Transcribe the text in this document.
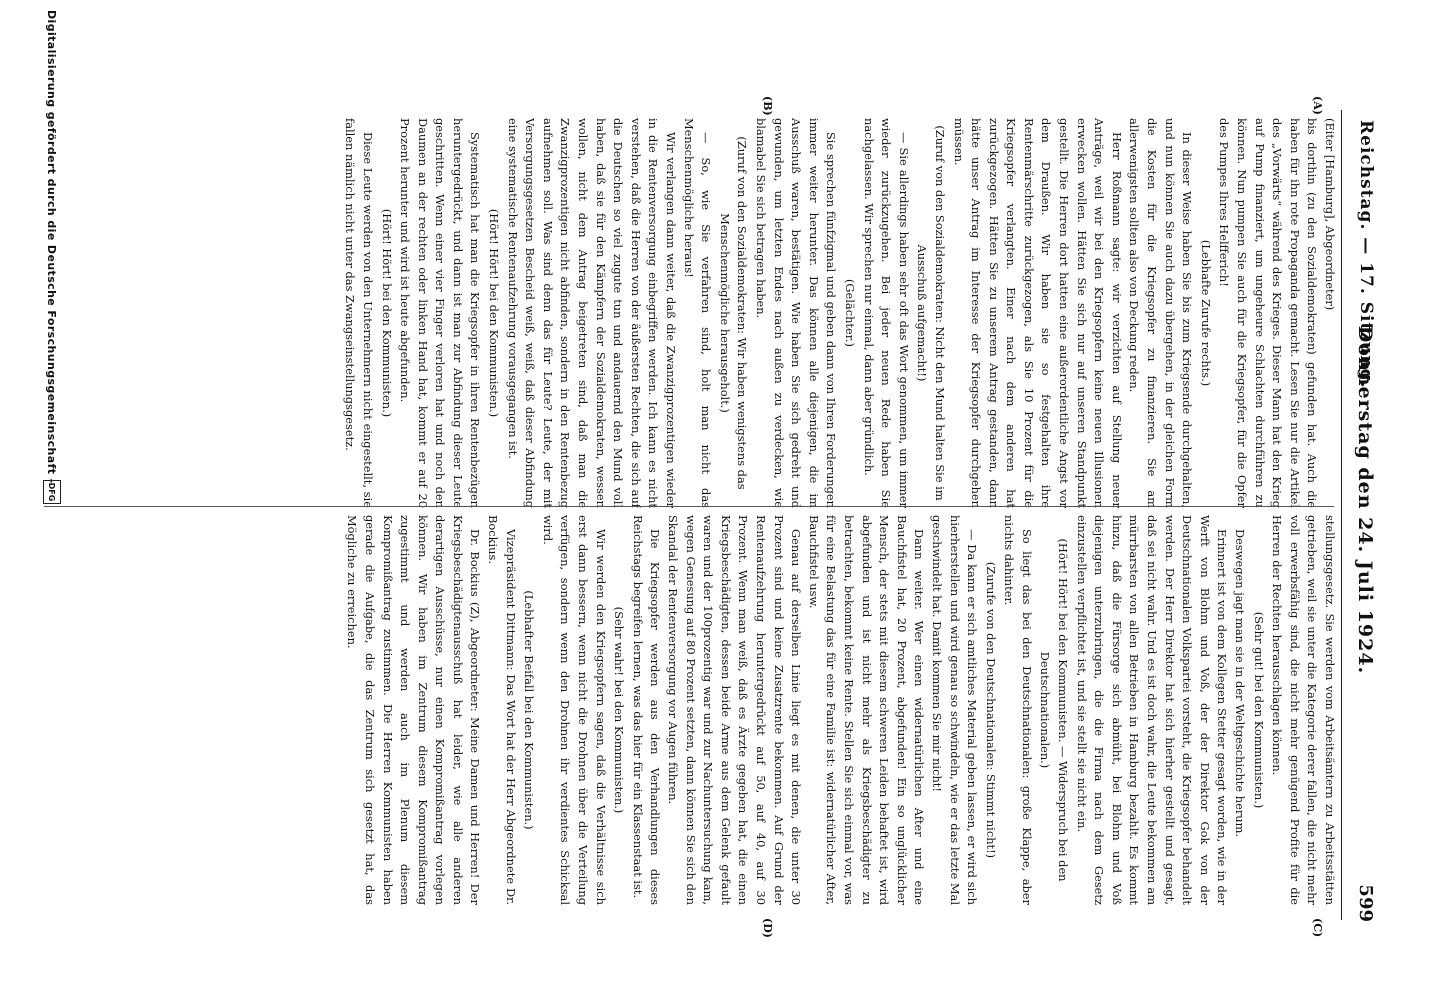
Reichstag. — 17. Sitzung.
Donnerstag den 24. Juli 1924.
599
(A)
(B)
(C)
(D)

(Eiter [Hamburg], Abgeordneter)

bis dorthin (zu den Sozialdemokraten) gefunden hat. Auch die haben für ihn rote Propaganda gemacht. Lesen Sie nur die Artikel des „Vorwärts“ während des Krieges. Dieser Mann hat den Krieg auf Pump finanziert, um ungeheure Schlachten durchführen zu können. Nun pumpen Sie auch für die Kriegsopfer, für die Opfer des Pumpes Ihres Helfferich!

(Lebhafte Zurufe rechts.)

In dieser Weise haben Sie bis zum Kriegsende durchgehalten, und nun können Sie auch dazu übergehen, in der gleichen Form die Kosten für die Kriegsopfer zu finanzieren. Sie am allerwenigsten sollten also von Deckung reden.

Herr Roßmann sagte: wir verzichten auf Stellung neuer Anträge, weil wir bei den Kriegsopfern keine neuen Illusionen erwecken wollen. Hätten Sie sich nur auf unseren Standpunkt gestellt. Die Herren dort hatten eine außerordentliche Angst vor dem Draußen. Wir haben sie so festgehalten ihre Rentenmärschritte zurückgezogen, als Sie 10 Prozent für die Kriegsopfer verlangten. Einer nach dem anderen hat zurückgezogen. Hätten Sie zu unserem Antrag gestanden, dann hätte unser Antrag im Interesse der Kriegsopfer durchgehen müssen.

(Zuruf von den Sozialdemokraten: Nicht den Mund halten Sie im Ausschuß aufgemacht!)

— Sie allerdings haben sehr oft das Wort genommen, um immer wieder zurückzugehen. Bei jeder neuen Rede haben Sie nachgelassen. Wir sprechen nur einmal, dann aber gründlich.

(Gelächter.)

Sie sprechen fünfzigmal und geben dann von Ihren Forderungen immer weiter herunter. Das können alle diejenigen, die im Ausschuß waren, bestätigen. Wie haben Sie sich gedreht und gewunden, um letzten Endes nach außen zu verdecken, wie blamabel Sie sich betragen haben.

(Zuruf von den Sozialdemokraten: Wir haben wenigstens das Menschenmögliche herausgeholt.)

— So, wie Sie verfahren sind, holt man nicht das Menschenmögliche heraus!

Wir verlangen dann weiter, daß die Zwanzigprozentigen wieder in die Rentenversorgung einbegriffen werden. Ich kann es nicht verstehen, daß die Herren von der äußersten Rechten, die sich auf die Deutschen so viel zugute tun und andauernd den Mund voll haben, daß sie für den Kämpfern der Sozialdemokraten, wessen wollen, nicht dem Antrag beigetreten sind, daß man die Zwanzigprozentigen nicht abfinden, sondern in den Rentenbezug aufnehmen soll. Was sind denn das für Leute? Leute, der mit Versorgungsgesetzen Bescheid weiß, weiß, daß dieser Abfindung eine systematische Rentenaufzehrung vorausgegangen ist.

(Hört! Hört! bei den Kommunisten.)

Systematisch hat man die Kriegsopfer in ihren Rentenbezügen heruntergedrückt, und dann ist man zur Abfindung dieser Leute geschritten. Wenn einer vier Finger verloren hat und noch den Daumen an der rechten oder linken Hand hat, kommt er auf 20 Prozent herunter und wird ist heute abgefunden.

(Hört! Hört! bei den Kommunisten.)

Diese Leute werden von den Unternehmern nicht eingestellt, sie fallen nämlich nicht unter das Zwangseinstellungsgesetz.

stellungsgesetz. Sie werden vom Arbeitsämtern zu Arbeitsstätten getrieben, weil sie unter die Kategorie derer fallen, die nicht mehr voll erwerbsfähig sind, die nicht mehr genügend Profite für die Herren der Rechten herausschlagen können.

(Sehr gut! bei den Kommunisten.)

Deswegen jagt man sie in der Weltgeschichte herum.

Erinnert ist von dem Kollegen Stetter gesagt worden, wie in der Werft von Blohm und Voß, der der Direktor Gok von der Deutschnationalen Volkspartei vorsteht, die Kriegsopfer behandelt werden. Der Herr Direktor hat sich hierher gestellt und gesagt, daß sei nicht wahr. Und es ist doch wahr, die Leute bekommen am mürrbarsten von allen Betrieben in Hamburg bezahlt. Es kommt hinzu, daß die Fürsorge sich abmüht, bei Blohm und Voß diejenigen unterzubringen, die die Firma nach dem Gesetz einzustellen verpflichtet ist, und sie stellt sie nicht ein.

(Hört! Hört! bei den Kommunisten. — Widerspruch bei den Deutschnationalen.)

So liegt das bei den Deutschnationalen: große Klappe, aber nichts dahinter.

(Zurufe von den Deutschnationalen: Stimmt nicht!)

— Da kann er sich amtliches Material geben lassen, er wird sich hierherstellen und wird genau so schwindeln, wie er das letzte Mal geschwindelt hat. Damit kommen Sie mir nicht!

Dann weiter. Wer einen widernatürlichen After und eine Bauchfistel hat, 20 Prozent, abgefunden! Ein so unglücklicher Mensch, der stets mit diesem schweren Leiden behaftet ist, wird abgefunden und ist nicht mehr als Kriegsbeschädigter zu betrachten, bekommt keine Rente. Stellen Sie sich einmal vor, was für eine Belastung das für eine Familie ist: widernatürlicher After, Bauchfistel usw.

Genau auf derselben Linie liegt es mit denen, die unter 30 Prozent sind und keine Zusatzrente bekommen. Auf Grund der Rentenaufzehrung heruntergedrückt auf 50, auf 40, auf 30 Prozent. Wenn man weiß, daß es Ärzte gegeben hat, die einen Kriegsbeschädigten, dessen beide Arme aus dem Gelenk gefault waren und der 100prozentig war und zur Nachuntersuchung kam, wegen Genesung auf 80 Prozent setzten, dann können Sie sich den Skandal der Rentenversorgung vor Augen führen.

Die Kriegsopfer werden aus den Verhandlungen dieses Reichstags begreifen lernen, was das hier für ein Klassenstaat ist.

(Sehr wahr! bei den Kommunisten.)

Wir werden den Kriegsopfern sagen, daß die Verhältnisse sich erst dann bessern, wenn nicht die Drohnen über die Verteilung verfügen, sondern wenn den Drohnen ihr verdientes Schicksal wird.

(Lebhafter Beifall bei den Kommunisten.)

Vizepräsident Dittmann: Das Wort hat der Herr Abgeordnete Dr. Bockius.

Dr. Bockius (Z), Abgeordneter: Meine Damen und Herren! Der Kriegsbeschädigtenausschuß hat leider, wie alle anderen derartigen Ausschüsse, nur einen Kompromißantrag vorlegen können. Wir haben im Zentrum diesem Kompromißantrag zugestimmt und werden auch im Plenum diesem Kompromißantrag zustimmen. Die Herren Kommunisten haben gerade die Aufgabe, die das Zentrum sich gesetzt hat, das Mögliche zu erreichen.

Digitalisierung gefördert durch die Deutsche Forschungsgemeinschaft -
DFG
